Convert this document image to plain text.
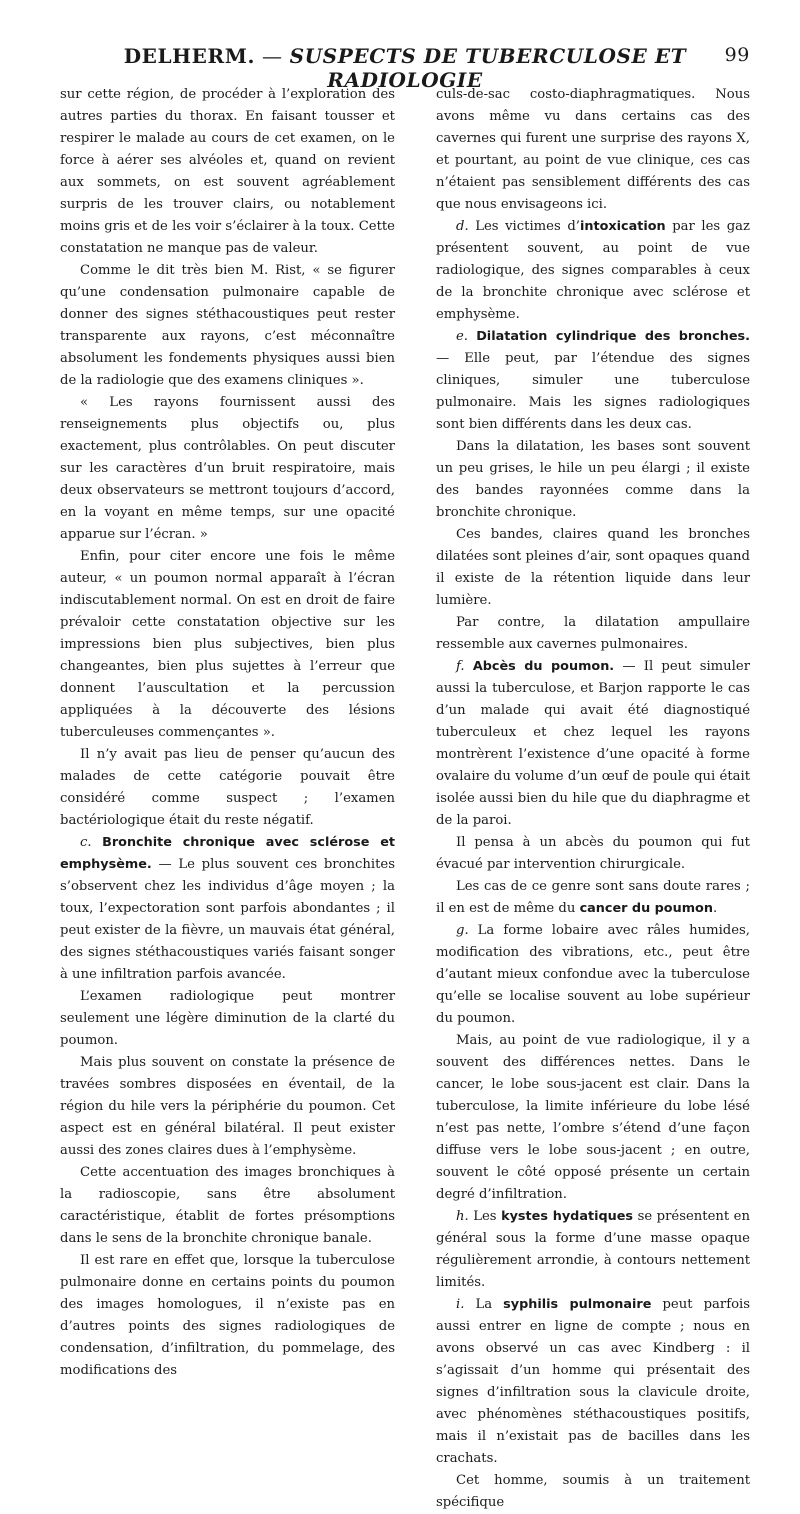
DELHERM. — SUSPECTS DE TUBERCULOSE ET RADIOLOGIE
99

sur cette région, de procéder à l’exploration des autres parties du thorax. En faisant tousser et respirer le malade au cours de cet examen, on le force à aérer ses alvéoles et, quand on revient aux sommets, on est souvent agréablement surpris de les trouver clairs, ou notablement moins gris et de les voir s’éclairer à la toux. Cette constatation ne manque pas de valeur.

Comme le dit très bien M. Rist, « se figurer qu’une condensation pulmonaire capable de donner des signes stéthacoustiques peut rester transparente aux rayons, c’est méconnaître absolument les fondements physiques aussi bien de la radiologie que des examens cliniques ».

« Les rayons fournissent aussi des renseignements plus objectifs ou, plus exactement, plus contrôlables. On peut discuter sur les caractères d’un bruit respiratoire, mais deux observateurs se mettront toujours d’accord, en la voyant en même temps, sur une opacité apparue sur l’écran. »

Enfin, pour citer encore une fois le même auteur, « un poumon normal apparaît à l’écran indiscutablement normal. On est en droit de faire prévaloir cette constatation objective sur les impressions bien plus subjectives, bien plus changeantes, bien plus sujettes à l’erreur que donnent l’auscultation et la percussion appliquées à la découverte des lésions tuberculeuses commençantes ».

Il n’y avait pas lieu de penser qu’aucun des malades de cette catégorie pouvait être considéré comme suspect ; l’examen bactériologique était du reste négatif.

c. Bronchite chronique avec sclérose et emphysème. — Le plus souvent ces bronchites s’observent chez les individus d’âge moyen ; la toux, l’expectoration sont parfois abondantes ; il peut exister de la fièvre, un mauvais état général, des signes stéthacoustiques variés faisant songer à une infiltration parfois avancée.

L’examen radiologique peut montrer seulement une légère diminution de la clarté du poumon.

Mais plus souvent on constate la présence de travées sombres disposées en éventail, de la région du hile vers la périphérie du poumon. Cet aspect est en général bilatéral. Il peut exister aussi des zones claires dues à l’emphysème.

Cette accentuation des images bronchiques à la radioscopie, sans être absolument caractéristique, établit de fortes présomptions dans le sens de la bronchite chronique banale.

Il est rare en effet que, lorsque la tuberculose pulmonaire donne en certains points du poumon des images homologues, il n’existe pas en d’autres points des signes radiologiques de condensation, d’infiltration, du pommelage, des modifications des

culs-de-sac costo-diaphragmatiques. Nous avons même vu dans certains cas des cavernes qui furent une surprise des rayons X, et pourtant, au point de vue clinique, ces cas n’étaient pas sensiblement différents des cas que nous envisageons ici.

d. Les victimes d’intoxication par les gaz présentent souvent, au point de vue radiologique, des signes comparables à ceux de la bronchite chronique avec sclérose et emphysème.

e. Dilatation cylindrique des bronches. — Elle peut, par l’étendue des signes cliniques, simuler une tuberculose pulmonaire. Mais les signes radiologiques sont bien différents dans les deux cas.

Dans la dilatation, les bases sont souvent un peu grises, le hile un peu élargi ; il existe des bandes rayonnées comme dans la bronchite chronique.

Ces bandes, claires quand les bronches dilatées sont pleines d’air, sont opaques quand il existe de la rétention liquide dans leur lumière.

Par contre, la dilatation ampullaire ressemble aux cavernes pulmonaires.

f. Abcès du poumon. — Il peut simuler aussi la tuberculose, et Barjon rapporte le cas d’un malade qui avait été diagnostiqué tuberculeux et chez lequel les rayons montrèrent l’existence d’une opacité à forme ovalaire du volume d’un œuf de poule qui était isolée aussi bien du hile que du diaphragme et de la paroi.

Il pensa à un abcès du poumon qui fut évacué par intervention chirurgicale.

Les cas de ce genre sont sans doute rares ; il en est de même du cancer du poumon.

g. La forme lobaire avec râles humides, modification des vibrations, etc., peut être d’autant mieux confondue avec la tuberculose qu’elle se localise souvent au lobe supérieur du poumon.

Mais, au point de vue radiologique, il y a souvent des différences nettes. Dans le cancer, le lobe sous-jacent est clair. Dans la tuberculose, la limite inférieure du lobe lésé n’est pas nette, l’ombre s’étend d’une façon diffuse vers le lobe sous-jacent ; en outre, souvent le côté opposé présente un certain degré d’infiltration.

h. Les kystes hydatiques se présentent en général sous la forme d’une masse opaque régulièrement arrondie, à contours nettement limités.

i. La syphilis pulmonaire peut parfois aussi entrer en ligne de compte ; nous en avons observé un cas avec Kindberg : il s’agissait d’un homme qui présentait des signes d’infiltration sous la clavicule droite, avec phénomènes stéthacoustiques positifs, mais il n’existait pas de bacilles dans les crachats.

Cet homme, soumis à un traitement spécifique
